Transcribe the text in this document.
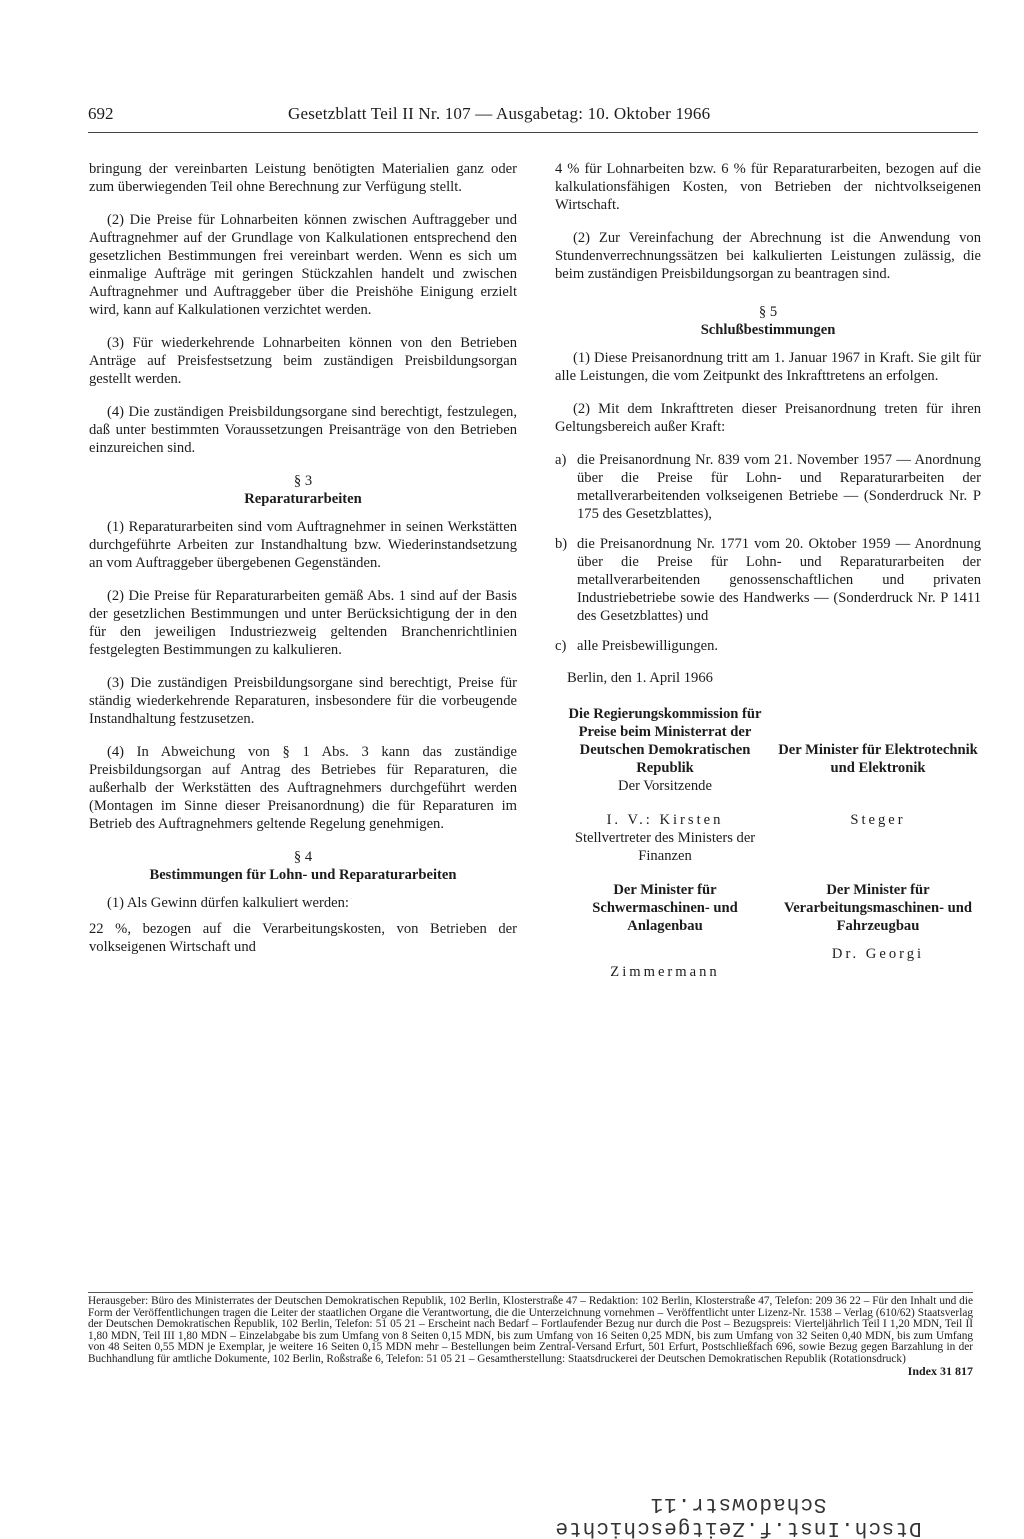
692	Gesetzblatt Teil II Nr. 107 — Ausgabetag: 10. Oktober 1966

bringung der vereinbarten Leistung benötigten Materialien ganz oder zum überwiegenden Teil ohne Berechnung zur Verfügung stellt.

(2) Die Preise für Lohnarbeiten können zwischen Auftraggeber und Auftragnehmer auf der Grundlage von Kalkulationen entsprechend den gesetzlichen Bestimmungen frei vereinbart werden. Wenn es sich um einmalige Aufträge mit geringen Stückzahlen handelt und zwischen Auftragnehmer und Auftraggeber über die Preishöhe Einigung erzielt wird, kann auf Kalkulationen verzichtet werden.

(3) Für wiederkehrende Lohnarbeiten können von den Betrieben Anträge auf Preisfestsetzung beim zuständigen Preisbildungsorgan gestellt werden.

(4) Die zuständigen Preisbildungsorgane sind berechtigt, festzulegen, daß unter bestimmten Voraussetzungen Preisanträge von den Betrieben einzureichen sind.

§ 3
Reparaturarbeiten

(1) Reparaturarbeiten sind vom Auftragnehmer in seinen Werkstätten durchgeführte Arbeiten zur Instandhaltung bzw. Wiederinstandsetzung an vom Auftraggeber übergebenen Gegenständen.

(2) Die Preise für Reparaturarbeiten gemäß Abs. 1 sind auf der Basis der gesetzlichen Bestimmungen und unter Berücksichtigung der in den für den jeweiligen Industriezweig geltenden Branchenrichtlinien festgelegten Bestimmungen zu kalkulieren.

(3) Die zuständigen Preisbildungsorgane sind berechtigt, Preise für ständig wiederkehrende Reparaturen, insbesondere für die vorbeugende Instandhaltung festzusetzen.

(4) In Abweichung von § 1 Abs. 3 kann das zuständige Preisbildungsorgan auf Antrag des Betriebes für Reparaturen, die außerhalb der Werkstätten des Auftragnehmers durchgeführt werden (Montagen im Sinne dieser Preisanordnung) die für Reparaturen im Betrieb des Auftragnehmers geltende Regelung genehmigen.

§ 4
Bestimmungen für Lohn- und Reparaturarbeiten

(1) Als Gewinn dürfen kalkuliert werden:

22 %, bezogen auf die Verarbeitungskosten, von Betrieben der volkseigenen Wirtschaft und

4 % für Lohnarbeiten bzw. 6 % für Reparaturarbeiten, bezogen auf die kalkulationsfähigen Kosten, von Betrieben der nichtvolkseigenen Wirtschaft.

(2) Zur Vereinfachung der Abrechnung ist die Anwendung von Stundenverrechnungssätzen bei kalkulierten Leistungen zulässig, die beim zuständigen Preisbildungsorgan zu beantragen sind.

§ 5
Schlußbestimmungen

(1) Diese Preisanordnung tritt am 1. Januar 1967 in Kraft. Sie gilt für alle Leistungen, die vom Zeitpunkt des Inkrafttretens an erfolgen.

(2) Mit dem Inkrafttreten dieser Preisanordnung treten für ihren Geltungsbereich außer Kraft:

a) die Preisanordnung Nr. 839 vom 21. November 1957 — Anordnung über die Preise für Lohn- und Reparaturarbeiten der metallverarbeitenden volkseigenen Betriebe — (Sonderdruck Nr. P 175 des Gesetzblattes),
b) die Preisanordnung Nr. 1771 vom 20. Oktober 1959 — Anordnung über die Preise für Lohn- und Reparaturarbeiten der metallverarbeitenden genossenschaftlichen und privaten Industriebetriebe sowie des Handwerks — (Sonderdruck Nr. P 1411 des Gesetzblattes) und
c) alle Preisbewilligungen.
Berlin, den 1. April 1966
Die Regierungskommission für Preise beim Ministerrat der Deutschen Demokratischen Republik
Der Vorsitzende
Der Minister für Elektrotechnik und Elektronik
I. V.: Kirsten
Stellvertreter des Ministers der Finanzen
Steger
Der Minister für Schwermaschinen- und Anlagenbau
Zimmermann
Der Minister für Verarbeitungsmaschinen- und Fahrzeugbau
Dr. Georgi
Herausgeber: Büro des Ministerrates der Deutschen Demokratischen Republik, 102 Berlin, Klosterstraße 47 – Redaktion: 102 Berlin, Klosterstraße 47, Telefon: 209 36 22 – Für den Inhalt und die Form der Veröffentlichungen tragen die Leiter der staatlichen Organe die Verantwortung, die die Unterzeichnung vornehmen – Veröffentlicht unter Lizenz-Nr. 1538 – Verlag (610/62) Staatsverlag der Deutschen Demokratischen Republik, 102 Berlin, Telefon: 51 05 21 – Erscheint nach Bedarf – Fortlaufender Bezug nur durch die Post – Bezugspreis: Vierteljährlich Teil I 1,20 MDN, Teil II 1,80 MDN, Teil III 1,80 MDN – Einzelabgabe bis zum Umfang von 8 Seiten 0,15 MDN, bis zum Umfang von 16 Seiten 0,25 MDN, bis zum Umfang von 32 Seiten 0,40 MDN, bis zum Umfang von 48 Seiten 0,55 MDN je Exemplar, je weitere 16 Seiten 0,15 MDN mehr – Bestellungen beim Zentral-Versand Erfurt, 501 Erfurt, Postschließfach 696, sowie Bezug gegen Barzahlung in der Buchhandlung für amtliche Dokumente, 102 Berlin, Roßstraße 6, Telefon: 51 05 21 – Gesamtherstellung: Staatsdruckerei der Deutschen Demokratischen Republik (Rotationsdruck)
Index 31 817
Schadowstr.11
Dtsch.Inst.f.Zeitgeschichte
